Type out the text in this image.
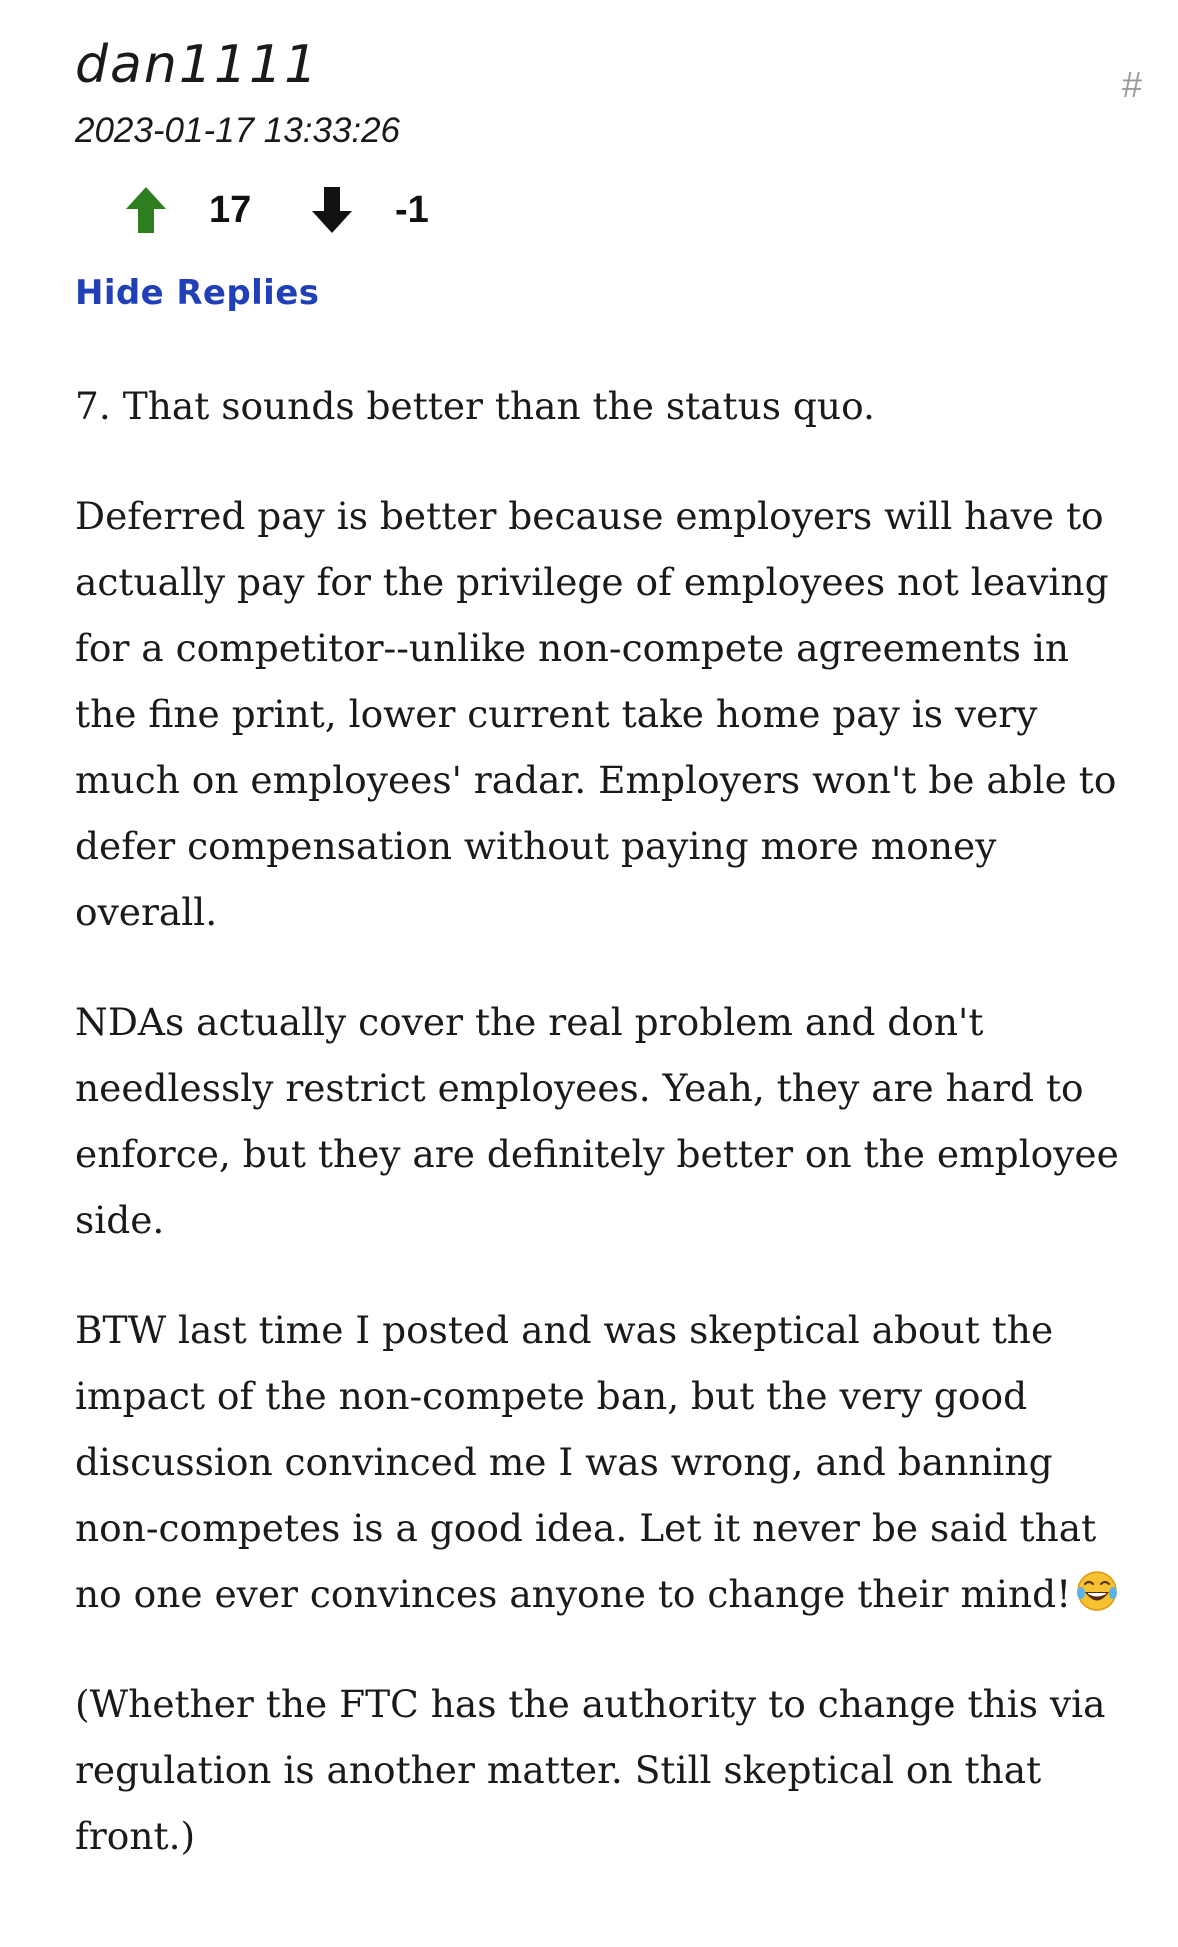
dan1111	#
2023-01-17 13:33:26
17	-1
Hide Replies

7. That sounds better than the status quo.

Deferred pay is better because employers will have to actually pay for the privilege of employees not leaving for a competitor--unlike non-compete agreements in the fine print, lower current take home pay is very much on employees' radar. Employers won't be able to defer compensation without paying more money overall.

NDAs actually cover the real problem and don't needlessly restrict employees. Yeah, they are hard to enforce, but they are definitely better on the employee side.

BTW last time I posted and was skeptical about the impact of the non-compete ban, but the very good discussion convinced me I was wrong, and banning non-competes is a good idea. Let it never be said that no one ever convinces anyone to change their mind!

(Whether the FTC has the authority to change this via regulation is another matter. Still skeptical on that front.)
